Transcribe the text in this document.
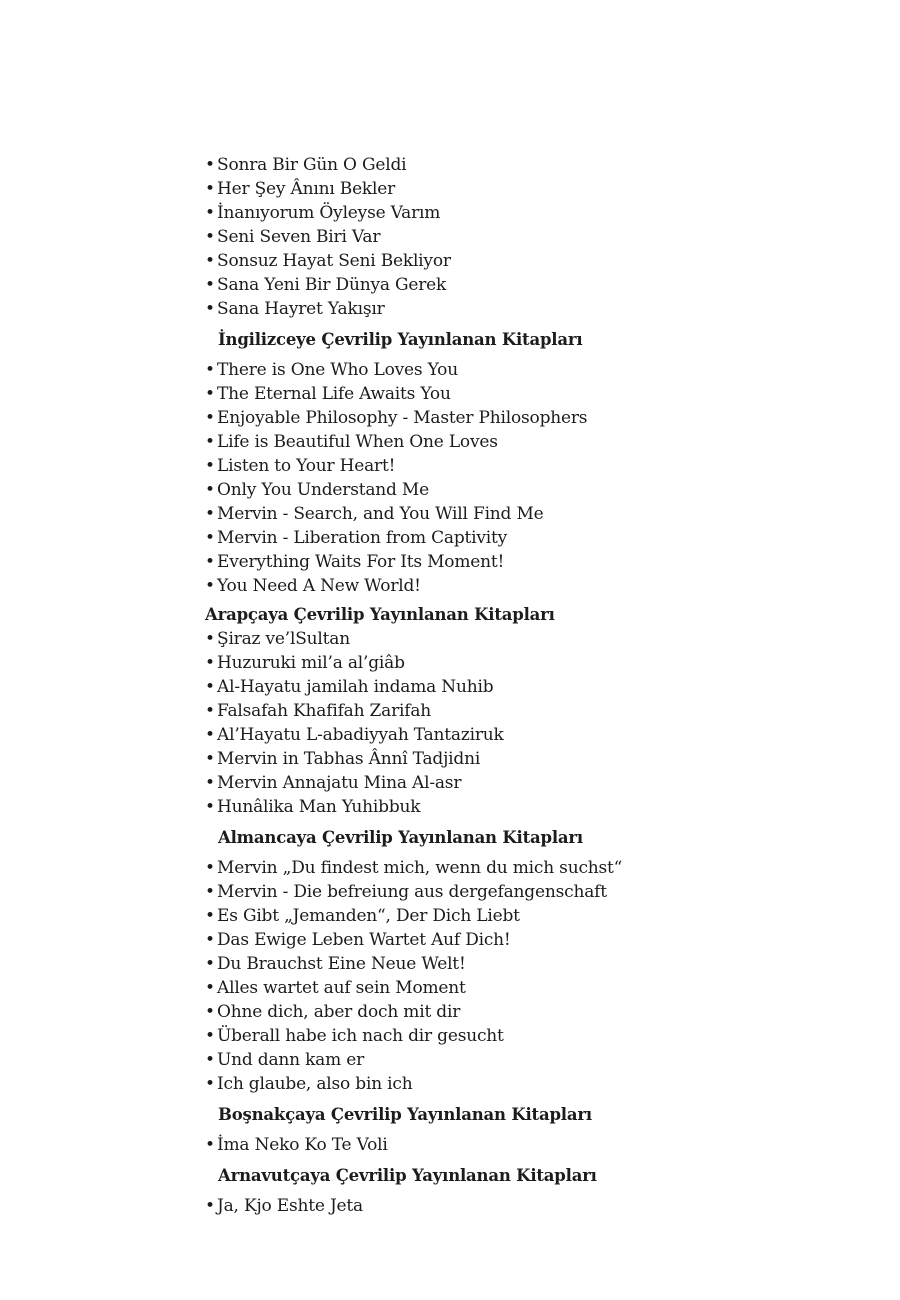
• Sonra Bir Gün O Geldi
• Her Şey Ânını Bekler
• İnanıyorum Öyleyse Varım
• Seni Seven Biri Var
• Sonsuz Hayat Seni Bekliyor
• Sana Yeni Bir Dünya Gerek
• Sana Hayret Yakışır
İngilizceye Çevrilip Yayınlanan Kitapları
• There is One Who Loves You
• The Eternal Life Awaits You
• Enjoyable Philosophy - Master Philosophers
• Life is Beautiful When One Loves
• Listen to Your Heart!
• Only You Understand Me
• Mervin - Search, and You Will Find Me
• Mervin - Liberation from Captivity
• Everything Waits For Its Moment!
• You Need A New World!
Arapçaya Çevrilip Yayınlanan Kitapları
• Şiraz ve’lSultan
• Huzuruki mil’a al’giâb
• Al-Hayatu jamilah indama Nuhib
• Falsafah Khafifah Zarifah
• Al’Hayatu L-abadiyyah Tantaziruk
• Mervin in Tabhas Ânnî Tadjidni
• Mervin Annajatu Mina Al-asr
• Hunâlika Man Yuhibbuk
Almancaya Çevrilip Yayınlanan Kitapları
• Mervin „Du findest mich, wenn du mich suchst“
• Mervin - Die befreiung aus dergefangenschaft
• Es Gibt „Jemanden“, Der Dich Liebt
• Das Ewige Leben Wartet Auf Dich!
• Du Brauchst Eine Neue Welt!
• Alles wartet auf sein Moment
• Ohne dich, aber doch mit dir
• Überall habe ich nach dir gesucht
• Und dann kam er
• Ich glaube, also bin ich
Boşnakçaya Çevrilip Yayınlanan Kitapları
• İma Neko Ko Te Voli
Arnavutçaya Çevrilip Yayınlanan Kitapları
• Ja, Kjo Eshte Jeta
